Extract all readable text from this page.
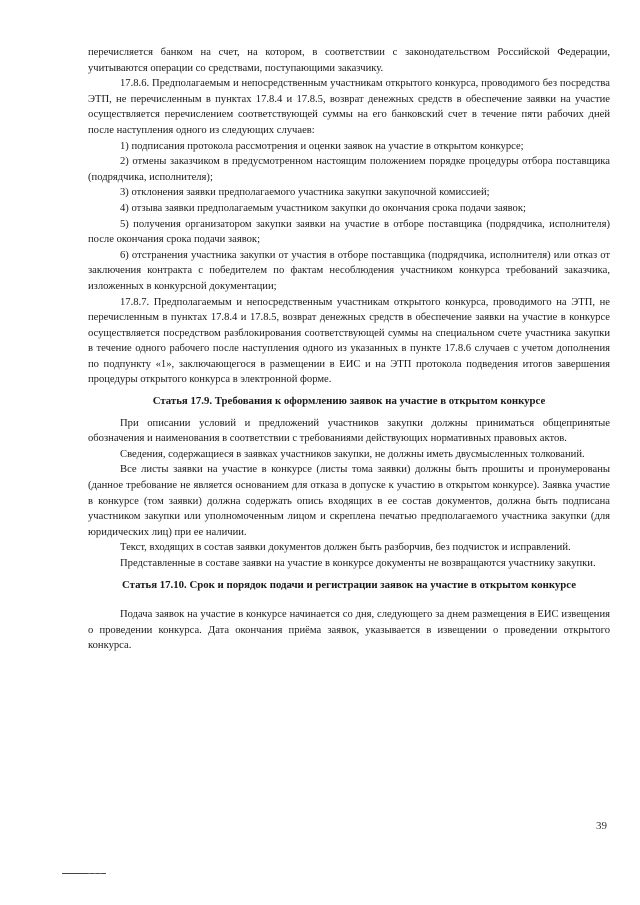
перечисляется банком на счет, на котором, в соответствии с законодательством Российской Федерации, учитываются операции со средствами, поступающими заказчику.

17.8.6. Предполагаемым и непосредственным участникам открытого конкурса, проводимого без посредства ЭТП, не перечисленным в пунктах 17.8.4 и 17.8.5, возврат денежных средств в обеспечение заявки на участие осуществляется перечислением соответствующей суммы на его банковский счет в течение пяти рабочих дней после наступления одного из следующих случаев:

1) подписания протокола рассмотрения и оценки заявок на участие в открытом конкурсе;

2) отмены заказчиком в предусмотренном настоящим положением порядке процедуры отбора поставщика (подрядчика, исполнителя);

3) отклонения заявки предполагаемого участника закупки закупочной комиссией;

4) отзыва заявки предполагаемым участником закупки до окончания срока подачи заявок;

5) получения организатором закупки заявки на участие в отборе поставщика (подрядчика, исполнителя) после окончания срока подачи заявок;

6) отстранения участника закупки от участия в отборе поставщика (подрядчика, исполнителя) или отказ от заключения контракта с победителем по фактам несоблюдения участником конкурса требований заказчика, изложенных в конкурсной документации;

17.8.7. Предполагаемым и непосредственным участникам открытого конкурса, проводимого на ЭТП, не перечисленным в пунктах 17.8.4 и 17.8.5, возврат денежных средств в обеспечение заявки на участие в конкурсе осуществляется посредством разблокирования соответствующей суммы на специальном счете участника закупки в течение одного рабочего после наступления одного из указанных в пункте 17.8.6 случаев с учетом дополнения по подпункту «1», заключающегося в размещении в ЕИС и на ЭТП протокола подведения итогов завершения процедуры открытого конкурса в электронной форме.

Статья 17.9. Требования к оформлению заявок на участие в открытом конкурсе

При описании условий и предложений участников закупки должны приниматься общепринятые обозначения и наименования в соответствии с требованиями действующих нормативных правовых актов.

Сведения, содержащиеся в заявках участников закупки, не должны иметь двусмысленных толкований.

Все листы заявки на участие в конкурсе (листы тома заявки) должны быть прошиты и пронумерованы (данное требование не является основанием для отказа в допуске к участию в открытом конкурсе). Заявка участие в конкурсе (том заявки) должна содержать опись входящих в ее состав документов, должна быть подписана участником закупки или уполномоченным лицом и скреплена печатью предполагаемого участника закупки (для юридических лиц) при ее наличии.

Текст, входящих в состав заявки документов должен быть разборчив, без подчисток и исправлений.

Представленные в составе заявки на участие в конкурсе документы не возвращаются участнику закупки.

Статья 17.10. Срок и порядок подачи и регистрации заявок на участие в открытом конкурсе

Подача заявок на участие в конкурсе начинается со дня, следующего за днем размещения в ЕИС извещения о проведении конкурса. Дата окончания приёма заявок, указывается в извещении о проведении открытого конкурса.

39
